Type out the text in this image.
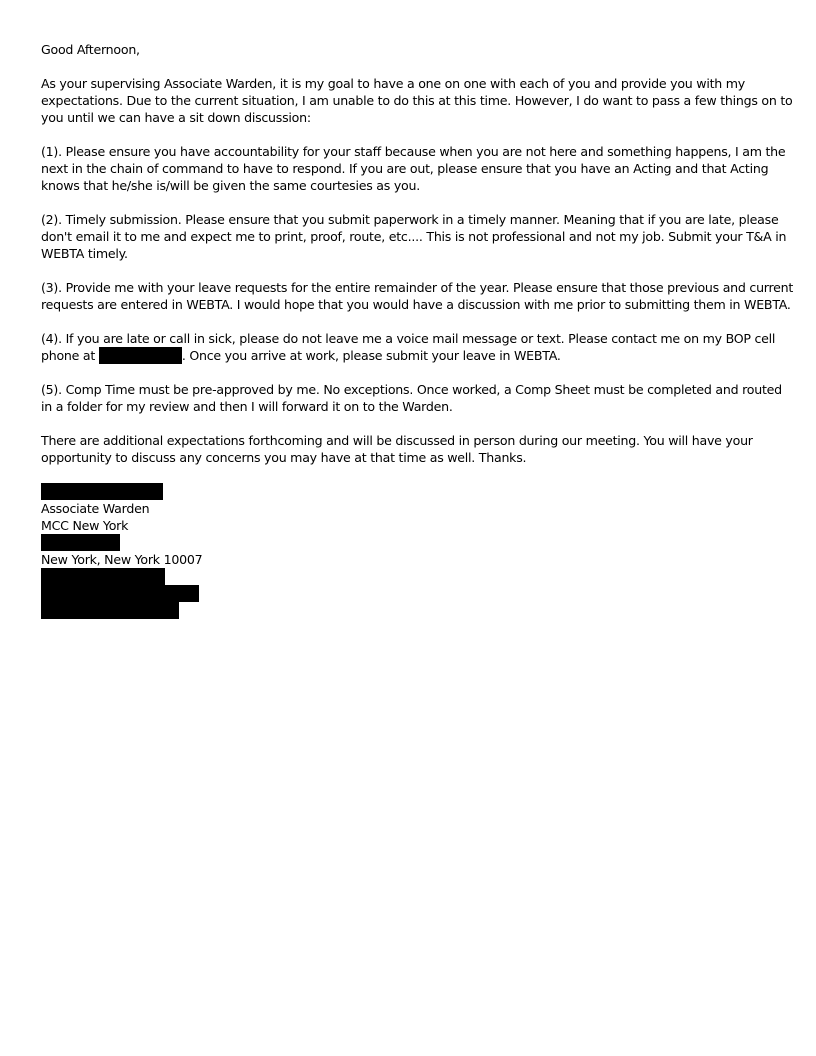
Good Afternoon,

As your supervising Associate Warden, it is my goal to have a one on one with each of you and provide you with my
expectations. Due to the current situation, I am unable to do this at this time. However, I do want to pass a few things on to
you until we can have a sit down discussion:

(1). Please ensure you have accountability for your staff because when you are not here and something happens, I am the
next in the chain of command to have to respond. If you are out, please ensure that you have an Acting and that Acting
knows that he/she is/will be given the same courtesies as you.

(2). Timely submission. Please ensure that you submit paperwork in a timely manner. Meaning that if you are late, please
don't email it to me and expect me to print, proof, route, etc.... This is not professional and not my job. Submit your T&A in
WEBTA timely.

(3). Provide me with your leave requests for the entire remainder of the year. Please ensure that those previous and current
requests are entered in WEBTA. I would hope that you would have a discussion with me prior to submitting them in WEBTA.

(4). If you are late or call in sick, please do not leave me a voice mail message or text. Please contact me on my BOP cell
phone at	. Once you arrive at work, please submit your leave in WEBTA.

(5). Comp Time must be pre-approved by me. No exceptions. Once worked, a Comp Sheet must be completed and routed
in a folder for my review and then I will forward it on to the Warden.

There are additional expectations forthcoming and will be discussed in person during our meeting. You will have your
opportunity to discuss any concerns you may have at that time as well. Thanks.

Associate Warden
MCC New York
New York, New York 10007
